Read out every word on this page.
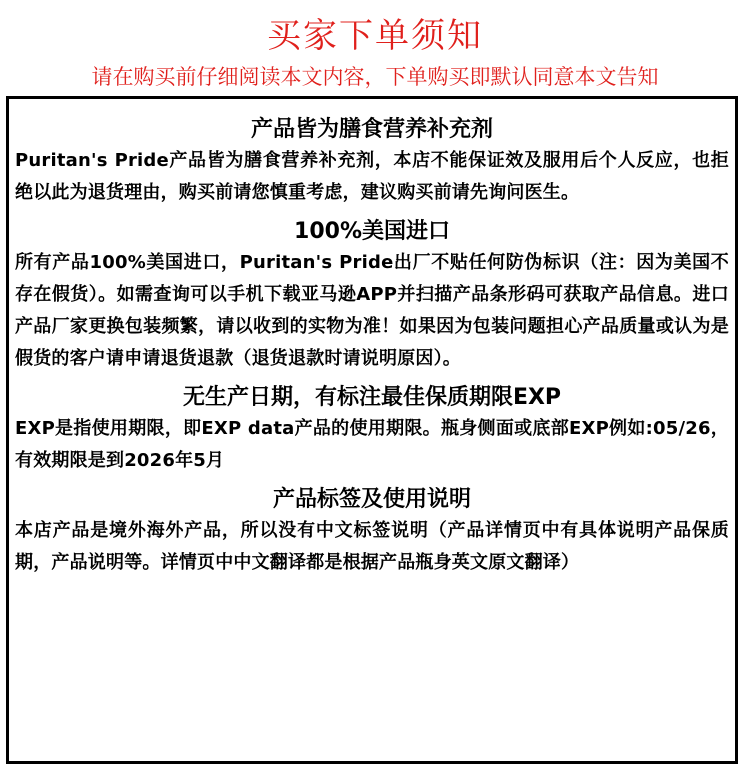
买家下单须知
请在购买前仔细阅读本文内容，下单购买即默认同意本文告知

产品皆为膳食营养补充剂

Puritan's Pride产品皆为膳食营养补充剂，本店不能保证效及服用后个人反应，也拒绝以此为退货理由，购买前请您慎重考虑，建议购买前请先询问医生。

100%美国进口

所有产品100%美国进口，Puritan's Pride出厂不贴任何防伪标识（注：因为美国不存在假货）。如需查询可以手机下载亚马逊APP并扫描产品条形码可获取产品信息。进口产品厂家更换包装频繁，请以收到的实物为准！如果因为包装问题担心产品质量或认为是假货的客户请申请退货退款（退货退款时请说明原因）。

无生产日期，有标注最佳保质期限EXP

EXP是指使用期限，即EXP data产品的使用期限。瓶身侧面或底部EXP例如:05/26，有效期限是到2026年5月

产品标签及使用说明

本店产品是境外海外产品，所以没有中文标签说明（产品详情页中有具体说明产品保质期，产品说明等。详情页中中文翻译都是根据产品瓶身英文原文翻译）
